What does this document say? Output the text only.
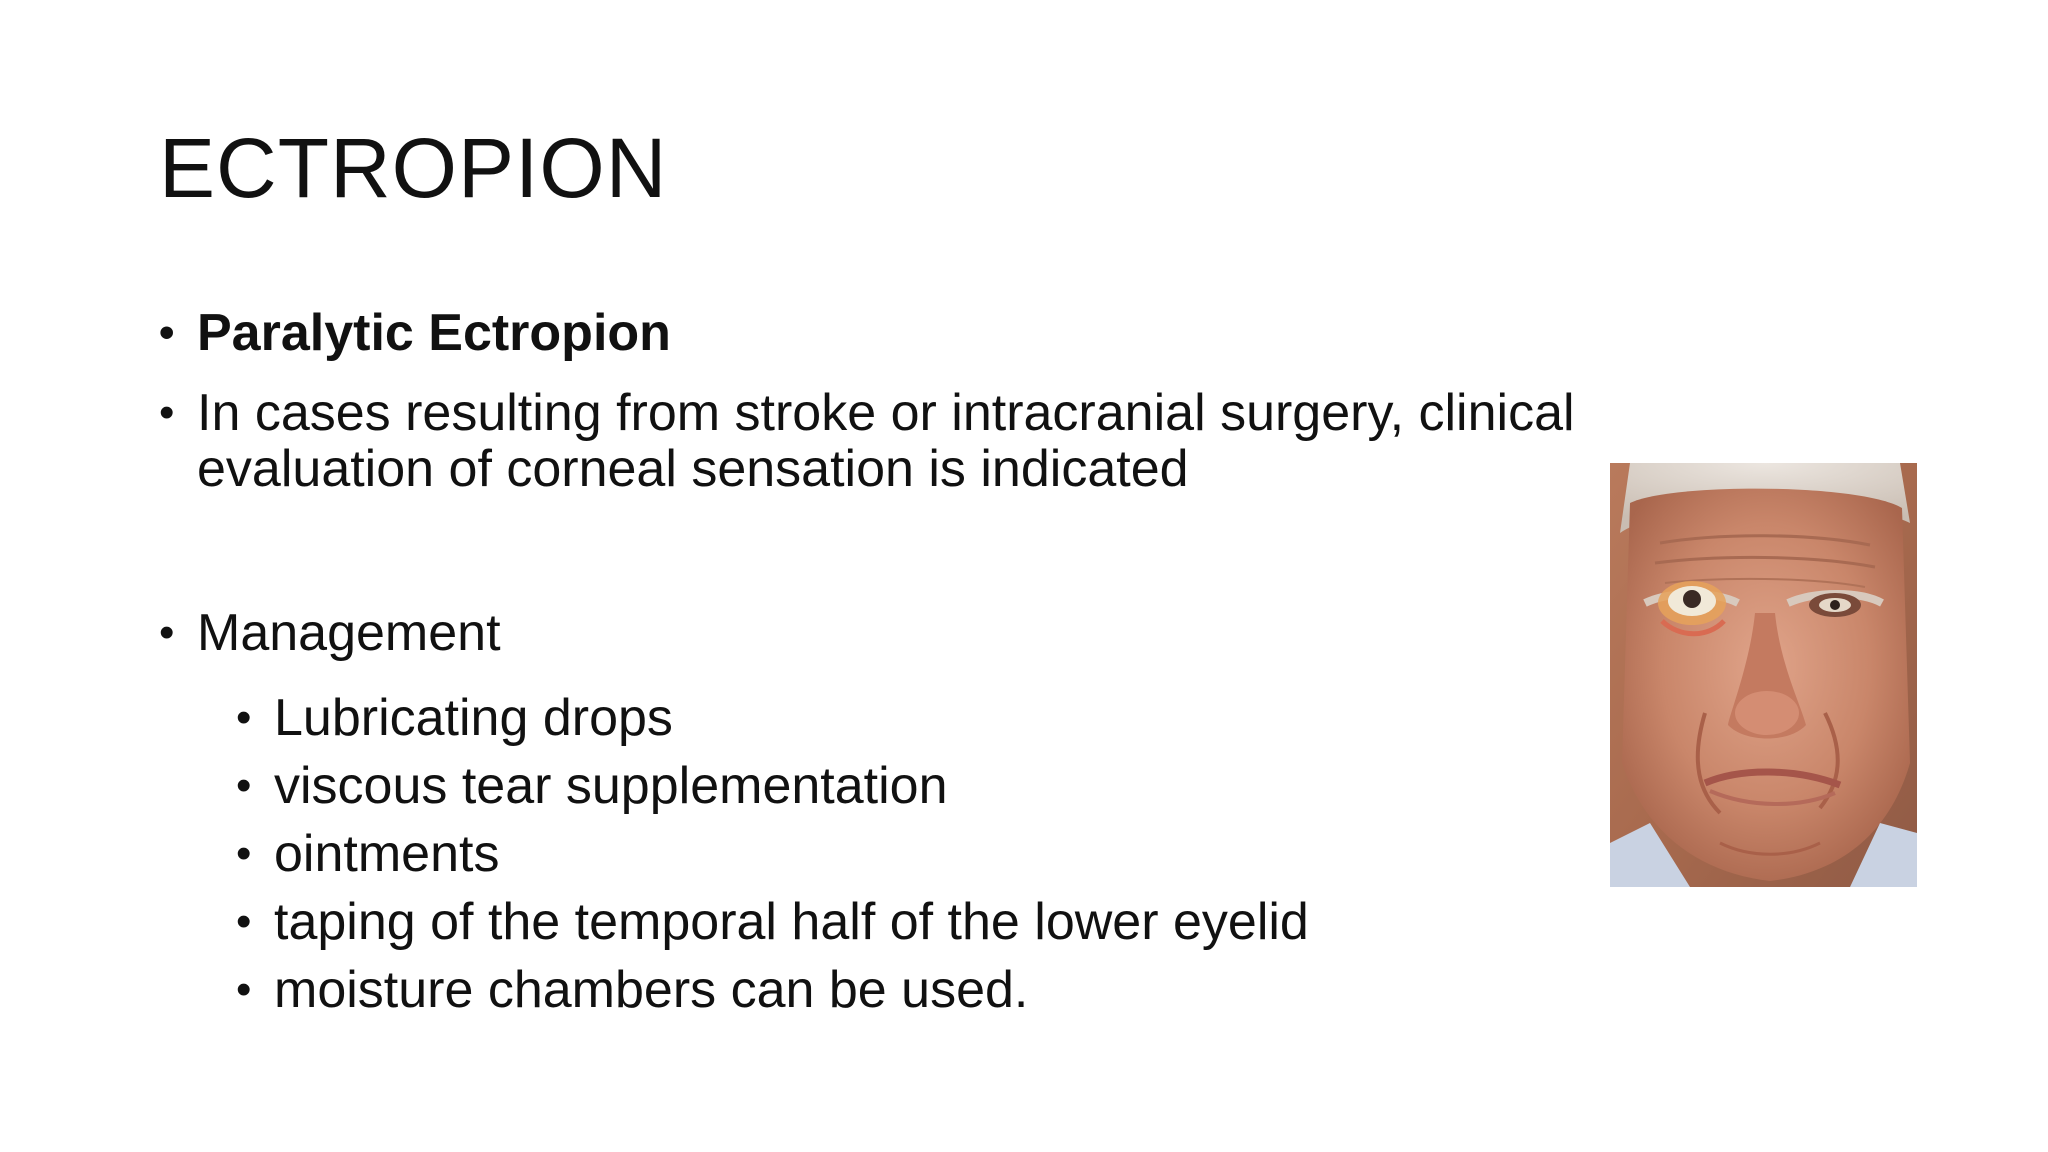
ECTROPION
• Paralytic Ectropion
• In cases resulting from stroke or intracranial surgery, clinical evaluation of corneal sensation is indicated
• Management
• Lubricating drops
• viscous tear supplementation
• ointments
• taping of the temporal half of the lower eyelid
• moisture chambers can be used.
